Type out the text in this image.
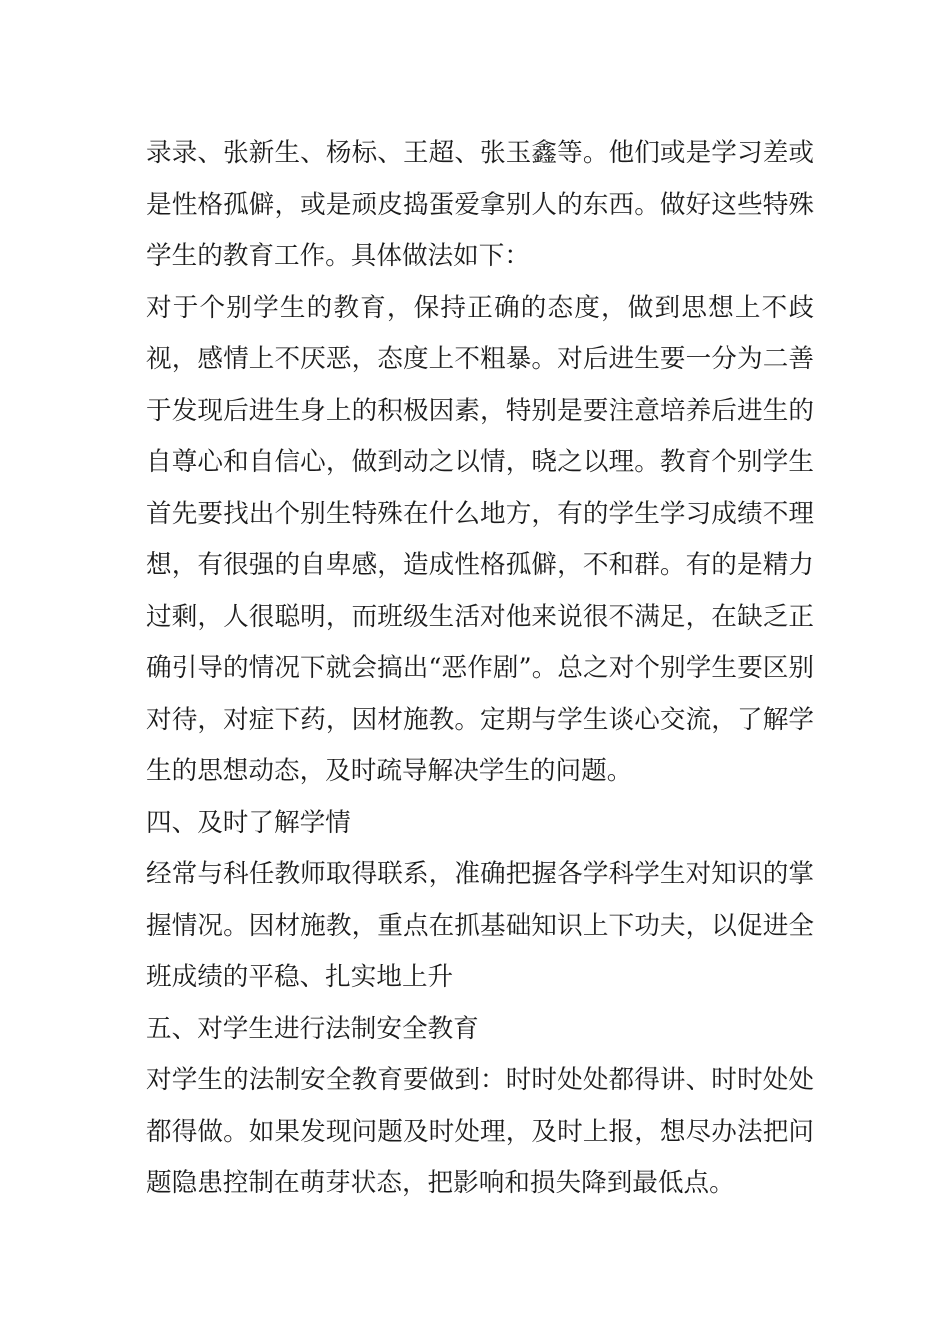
录录、张新生、杨标、王超、张玉鑫等。他们或是学习差或是性格孤僻，或是顽皮捣蛋爱拿别人的东西。做好这些特殊学生的教育工作。具体做法如下：

对于个别学生的教育，保持正确的态度，做到思想上不歧视，感情上不厌恶，态度上不粗暴。对后进生要一分为二善于发现后进生身上的积极因素，特别是要注意培养后进生的自尊心和自信心，做到动之以情，晓之以理。教育个别学生首先要找出个别生特殊在什么地方，有的学生学习成绩不理想，有很强的自卑感，造成性格孤僻，不和群。有的是精力过剩，人很聪明，而班级生活对他来说很不满足，在缺乏正确引导的情况下就会搞出“恶作剧”。总之对个别学生要区别对待，对症下药，因材施教。定期与学生谈心交流，了解学生的思想动态，及时疏导解决学生的问题。

四、及时了解学情

经常与科任教师取得联系，准确把握各学科学生对知识的掌握情况。因材施教，重点在抓基础知识上下功夫，以促进全班成绩的平稳、扎实地上升

五、对学生进行法制安全教育

对学生的法制安全教育要做到：时时处处都得讲、时时处处都得做。如果发现问题及时处理，及时上报，想尽办法把问题隐患控制在萌芽状态，把影响和损失降到最低点。
